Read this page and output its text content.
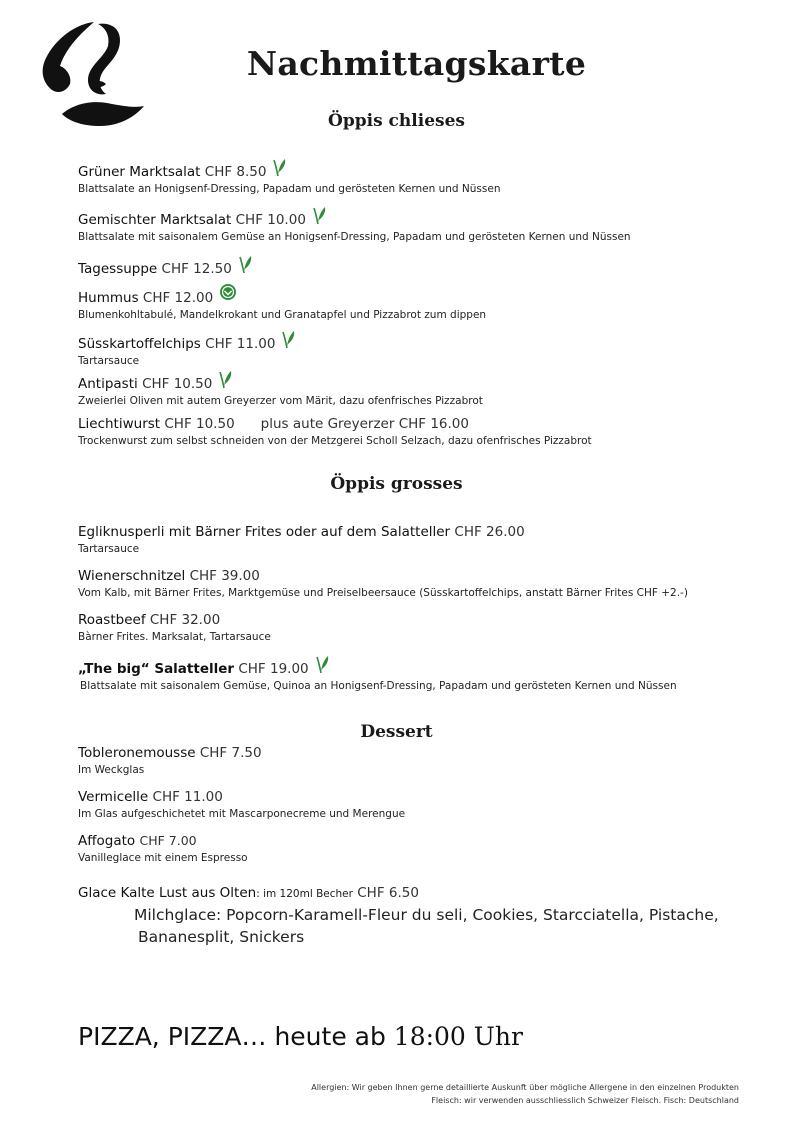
Nachmittagskarte
Öppis chlieses
Grüner Marktsalat CHF 8.50
Blattsalate an Honigsenf-Dressing, Papadam und gerösteten Kernen und Nüssen
Gemischter Marktsalat CHF 10.00
Blattsalate mit saisonalem Gemüse an Honigsenf-Dressing, Papadam und gerösteten Kernen und Nüssen
Tagessuppe CHF 12.50
Hummus CHF 12.00
Blumenkohltabulé, Mandelkrokant und Granatapfel und Pizzabrot zum dippen
Süsskartoffelchips CHF 11.00
Tartarsauce
Antipasti CHF 10.50
Zweierlei Oliven mit autem Greyerzer vom Märit, dazu ofenfrisches Pizzabrot
Liechtiwurst CHF 10.50 plus aute Greyerzer CHF 16.00
Trockenwurst zum selbst schneiden von der Metzgerei Scholl Selzach, dazu ofenfrisches Pizzabrot
Öppis grosses
Egliknusperli mit Bärner Frites oder auf dem Salatteller CHF 26.00
Tartarsauce
Wienerschnitzel CHF 39.00
Vom Kalb, mit Bärner Frites, Marktgemüse und Preiselbeersauce (Süsskartoffelchips, anstatt Bärner Frites CHF +2.-)
Roastbeef CHF 32.00
Bàrner Frites. Marksalat, Tartarsauce
„The big“ Salatteller CHF 19.00
Blattsalate mit saisonalem Gemüse, Quinoa an Honigsenf-Dressing, Papadam und gerösteten Kernen und Nüssen
Dessert
Tobleronemousse CHF 7.50
Im Weckglas
Vermicelle CHF 11.00
Im Glas aufgeschichetet mit Mascarponecreme und Merengue
Affogato CHF 7.00
Vanilleglace mit einem Espresso
Glace Kalte Lust aus Olten: im 120ml Becher CHF 6.50
Milchglace: Popcorn-Karamell-Fleur du seli, Cookies, Starcciatella, Pistache,
Bananesplit, Snickers
PIZZA, PIZZA… heute ab 18:00 Uhr
Allergien: Wir geben Ihnen gerne detaillierte Auskunft über mögliche Allergene in den einzelnen Produkten
Fleisch: wir verwenden ausschliesslich Schweizer Fleisch. Fisch: Deutschland
